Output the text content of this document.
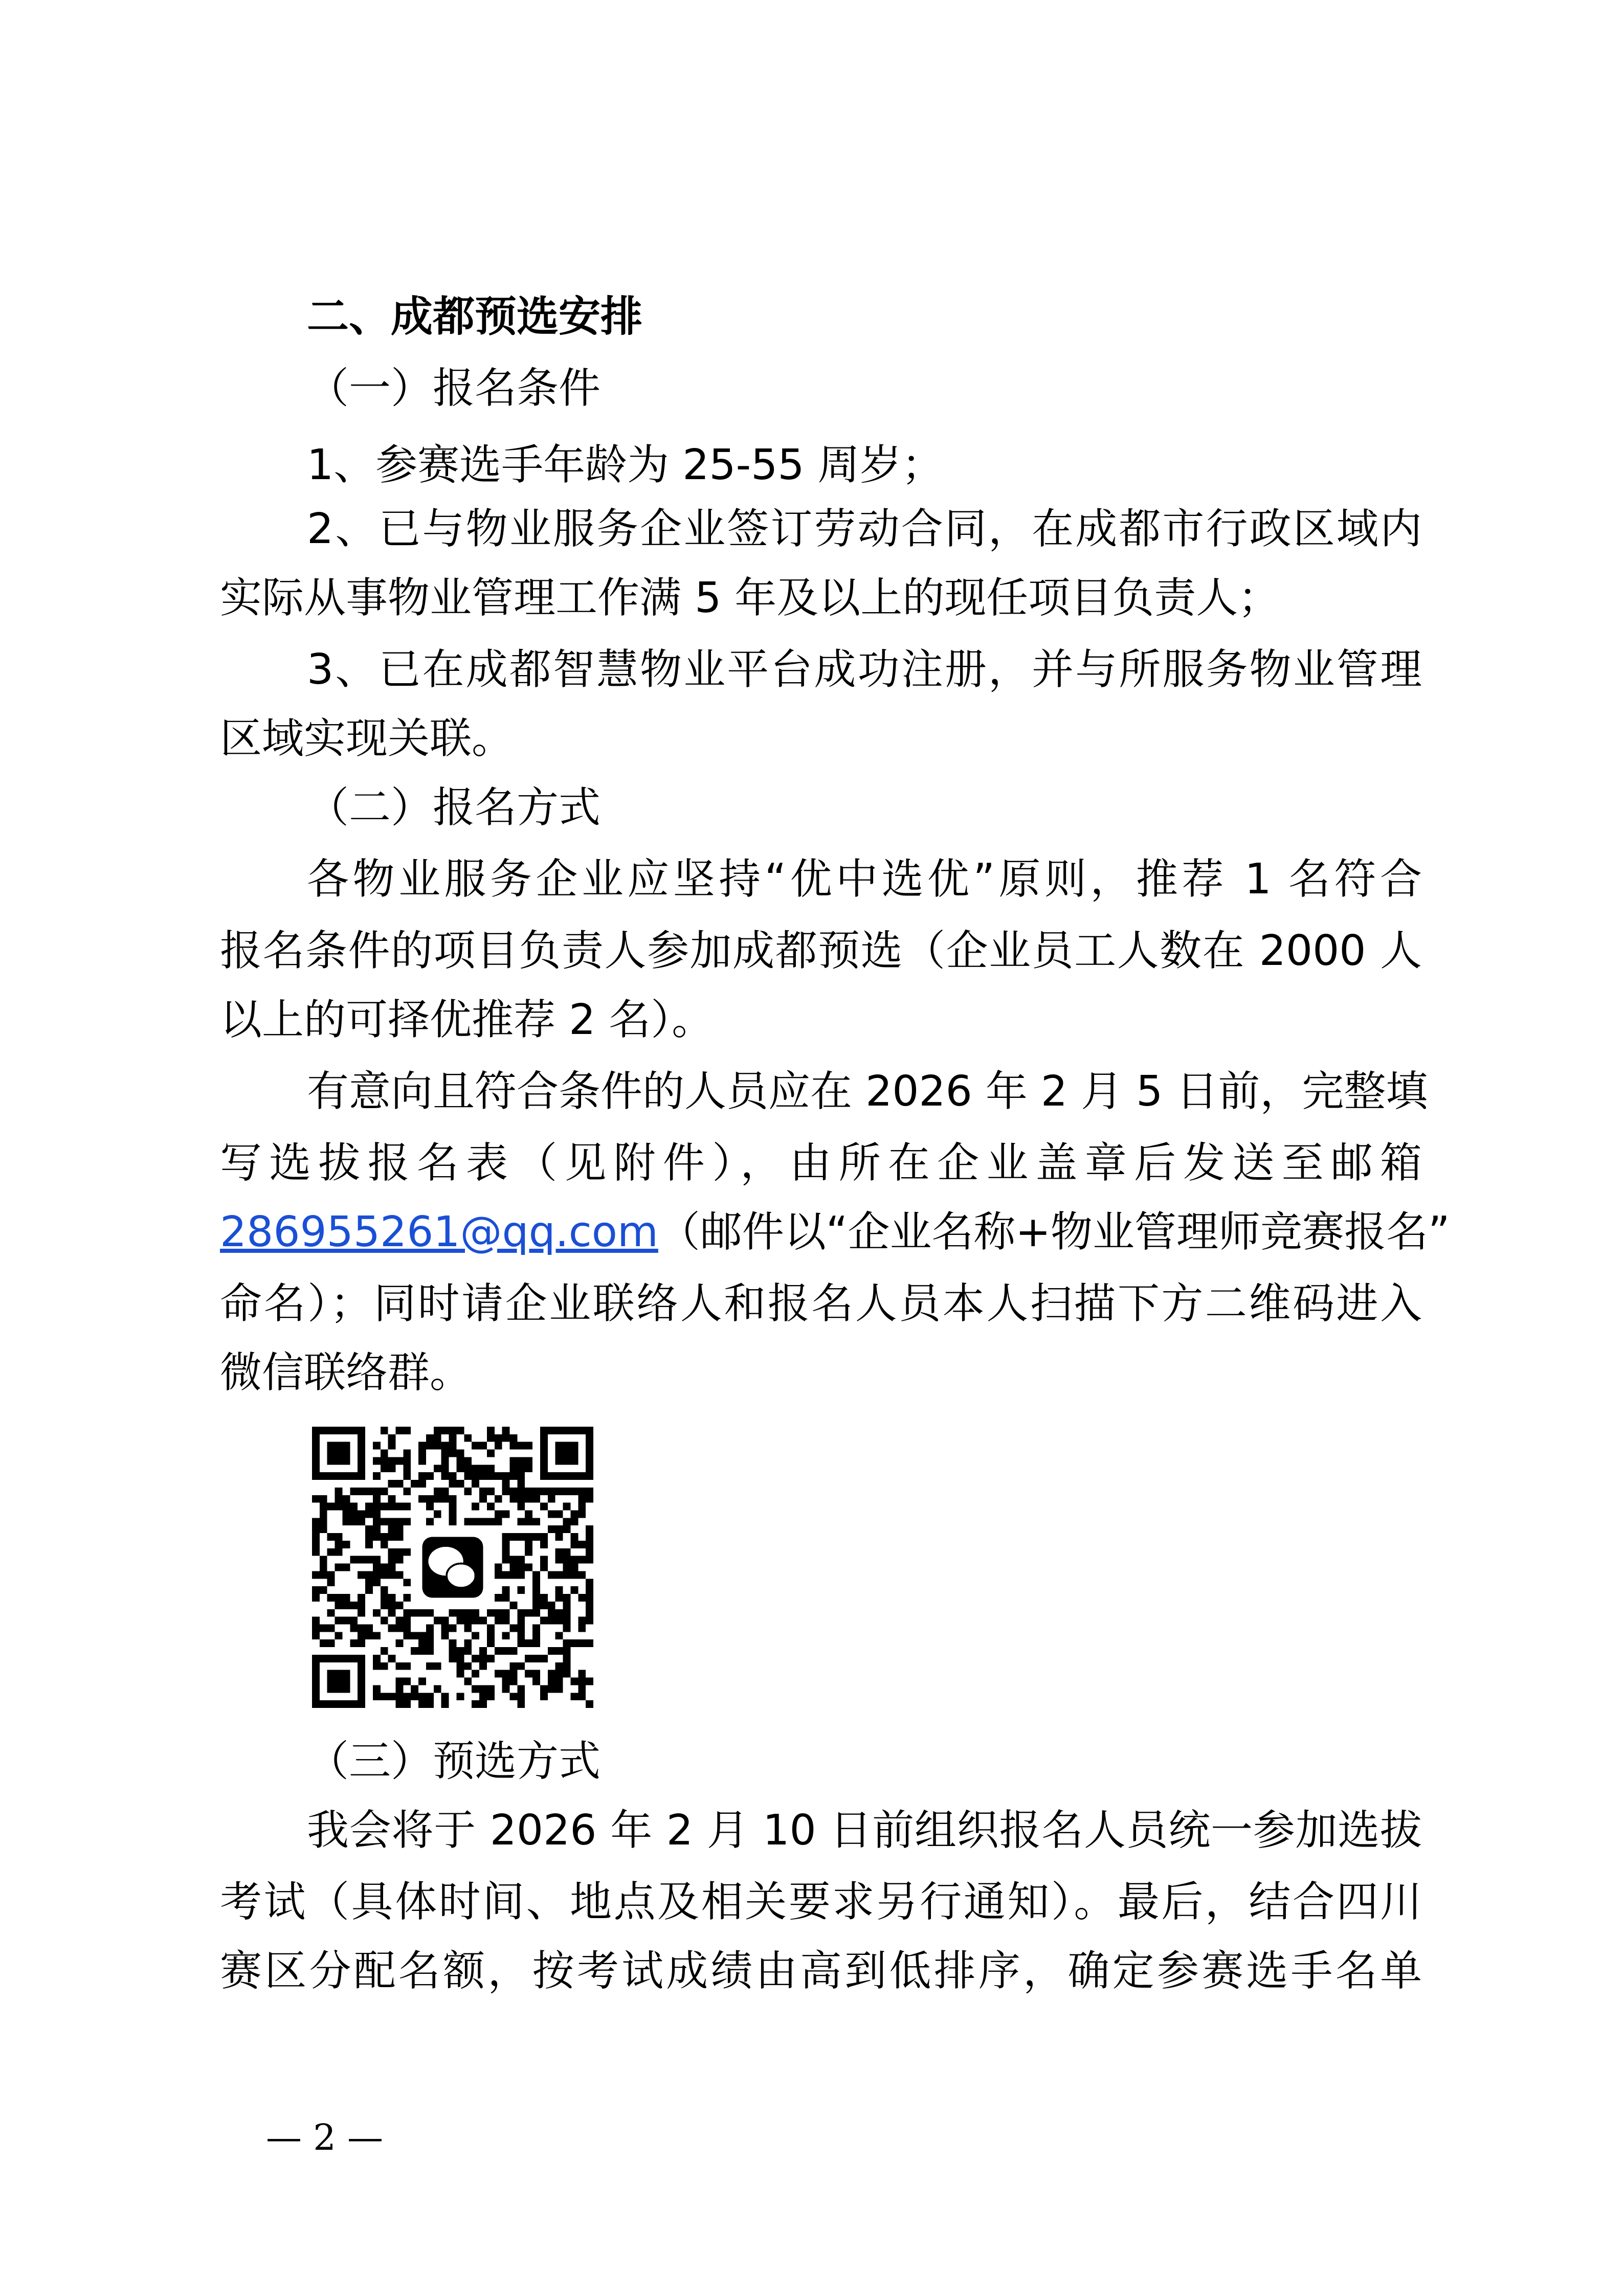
二、成都预选安排

（一）报名条件

1、参赛选手年龄为 25-55 周岁；

2、已与物业服务企业签订劳动合同，在成都市行政区域内

实际从事物业管理工作满 5 年及以上的现任项目负责人；

3、已在成都智慧物业平台成功注册，并与所服务物业管理

区域实现关联。

（二）报名方式

各物业服务企业应坚持“优中选优”原则，推荐 1 名符合

报名条件的项目负责人参加成都预选（企业员工人数在 2000 人

以上的可择优推荐 2 名）。

有意向且符合条件的人员应在 2026 年 2 月 5 日前，完整填

写选拔报名表（见附件），由所在企业盖章后发送至邮箱

286955261@qq.com（邮件以“企业名称+物业管理师竞赛报名”

命名）；同时请企业联络人和报名人员本人扫描下方二维码进入

微信联络群。

（三）预选方式

我会将于 2026 年 2 月 10 日前组织报名人员统一参加选拔

考试（具体时间、地点及相关要求另行通知）。最后，结合四川

赛区分配名额，按考试成绩由高到低排序，确定参赛选手名单

— 2 —
